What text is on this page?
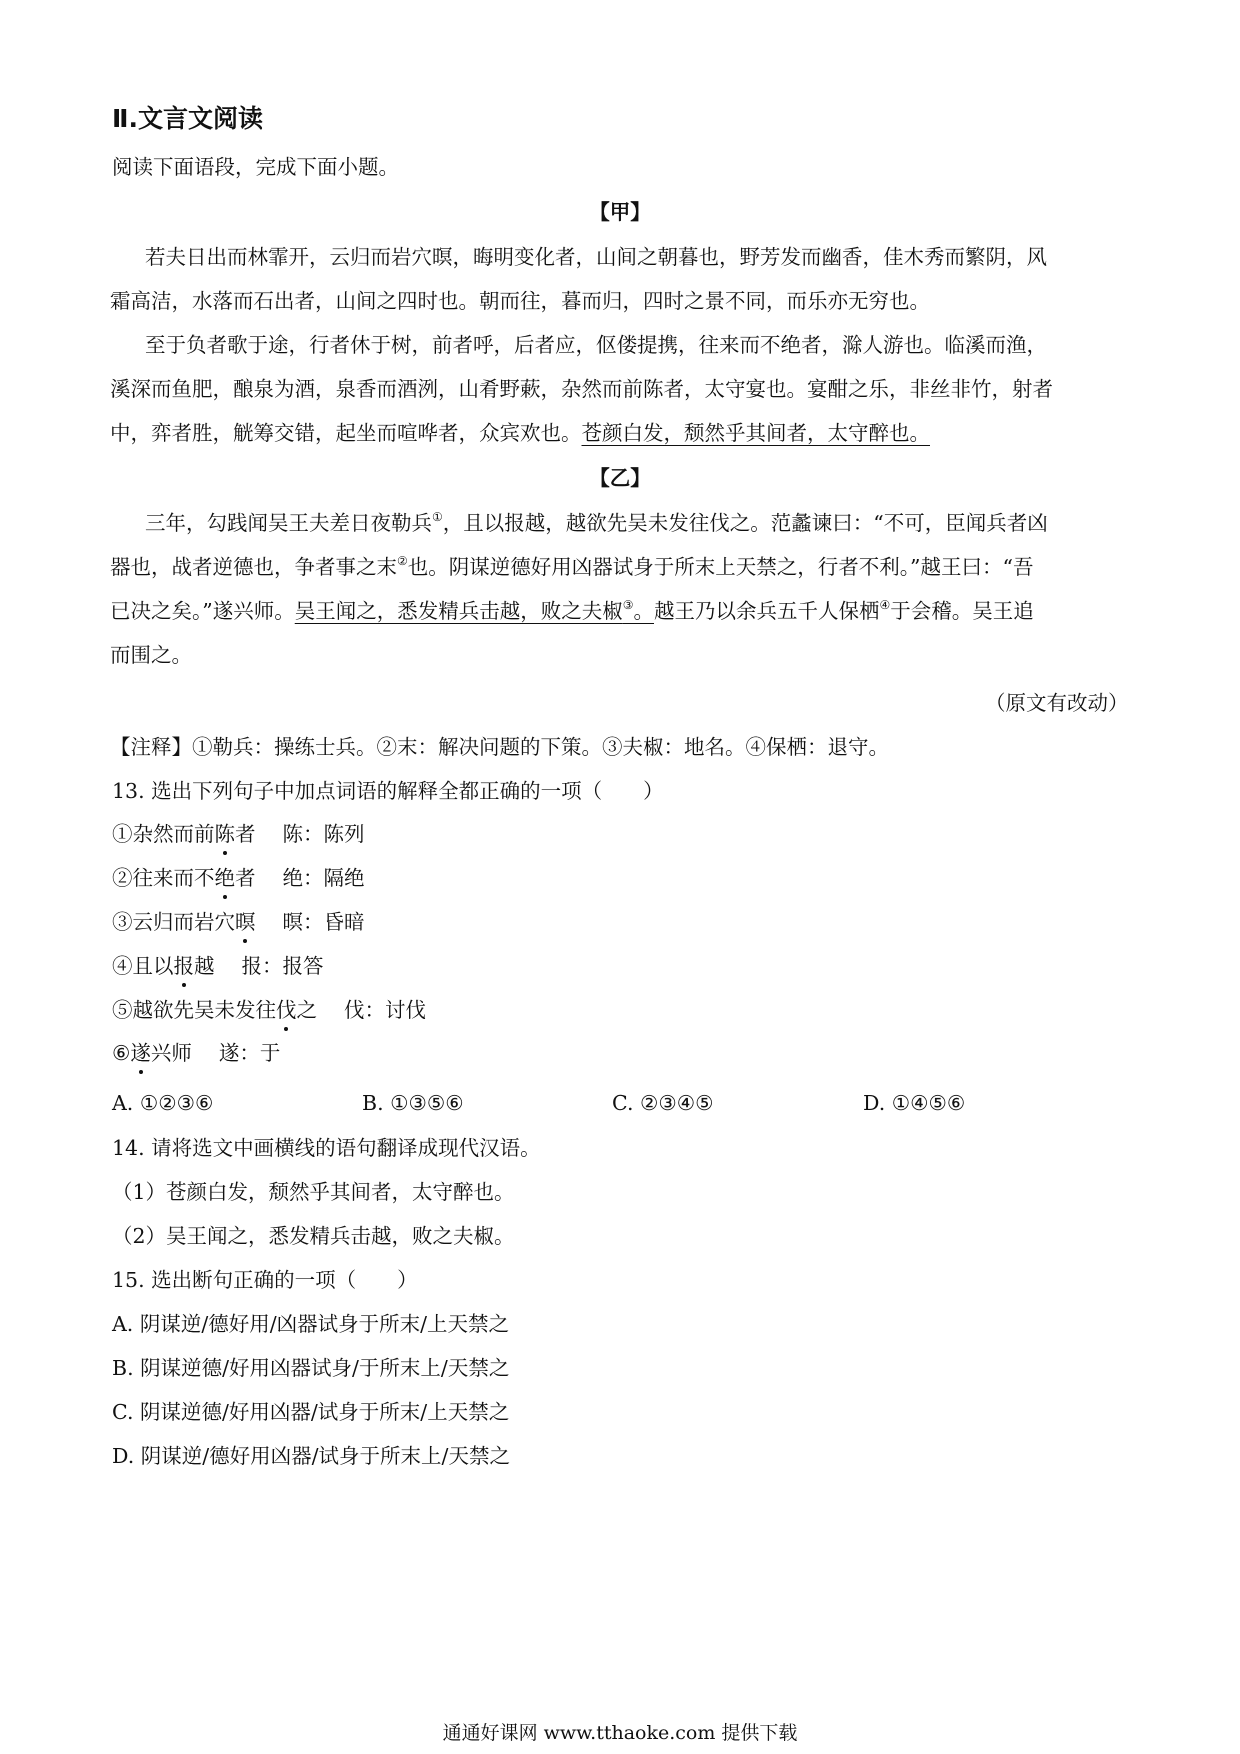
Ⅱ.文言文阅读
阅读下面语段，完成下面小题。
【甲】
若夫日出而林霏开，云归而岩穴暝，晦明变化者，山间之朝暮也，野芳发而幽香，佳木秀而繁阴，风
霜高洁，水落而石出者，山间之四时也。朝而往，暮而归，四时之景不同，而乐亦无穷也。
至于负者歌于途，行者休于树，前者呼，后者应，伛偻提携，往来而不绝者，滁人游也。临溪而渔，
溪深而鱼肥，酿泉为酒，泉香而酒洌，山肴野蔌，杂然而前陈者，太守宴也。宴酣之乐，非丝非竹，射者
中，弈者胜，觥筹交错，起坐而喧哗者，众宾欢也。苍颜白发，颓然乎其间者，太守醉也。
【乙】
三年，勾践闻吴王夫差日夜勒兵①，且以报越，越欲先吴未发往伐之。范蠡谏曰：“不可，臣闻兵者凶
器也，战者逆德也，争者事之末②也。阴谋逆德好用凶器试身于所末上天禁之，行者不利。”越王曰：“吾
已决之矣。”遂兴师。吴王闻之，悉发精兵击越，败之夫椒③。越王乃以余兵五千人保栖④于会稽。吴王追
而围之。
（原文有改动）
【注释】①勒兵：操练士兵。②末：解决问题的下策。③夫椒：地名。④保栖：退守。
13. 选出下列句子中加点词语的解释全都正确的一项（　　）
①杂然而前陈者　 陈：陈列
②往来而不绝者　 绝：隔绝
③云归而岩穴暝　 暝：昏暗
④且以报越　 报：报答
⑤越欲先吴未发往伐之　 伐：讨伐
⑥遂兴师　 遂：于
A. ①②③⑥	B. ①③⑤⑥	C. ②③④⑤	D. ①④⑤⑥
14. 请将选文中画横线的语句翻译成现代汉语。
（1）苍颜白发，颓然乎其间者，太守醉也。
（2）吴王闻之，悉发精兵击越，败之夫椒。
15. 选出断句正确的一项（　　）
A. 阴谋逆/德好用/凶器试身于所末/上天禁之
B. 阴谋逆德/好用凶器试身/于所末上/天禁之
C. 阴谋逆德/好用凶器/试身于所末/上天禁之
D. 阴谋逆/德好用凶器/试身于所末上/天禁之
通通好课网 www.tthaoke.com 提供下载
